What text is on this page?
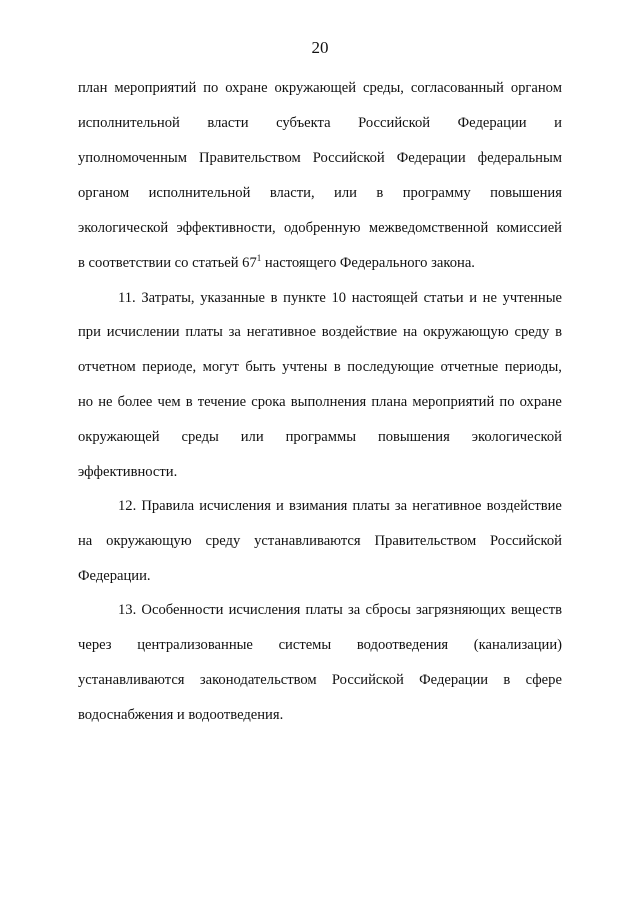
20
план мероприятий по охране окружающей среды, согласованный органом
исполнительной власти субъекта Российской Федерации и
уполномоченным Правительством Российской Федерации федеральным
органом исполнительной власти, или в программу повышения
экологической эффективности, одобренную межведомственной комиссией
в соответствии со статьей $67^1$ настоящего Федерального закона.
11. Затраты, указанные в пункте 10 настоящей статьи и не учтенные
при исчислении платы за негативное воздействие на окружающую среду в
отчетном периоде, могут быть учтены в последующие отчетные периоды,
но не более чем в течение срока выполнения плана мероприятий по охране
окружающей среды или программы повышения экологической
эффективности.
12. Правила исчисления и взимания платы за негативное воздействие
на окружающую среду устанавливаются Правительством Российской
Федерации.
13. Особенности исчисления платы за сбросы загрязняющих веществ
через централизованные системы водоотведения (канализации)
устанавливаются законодательством Российской Федерации в сфере
водоснабжения и водоотведения.
